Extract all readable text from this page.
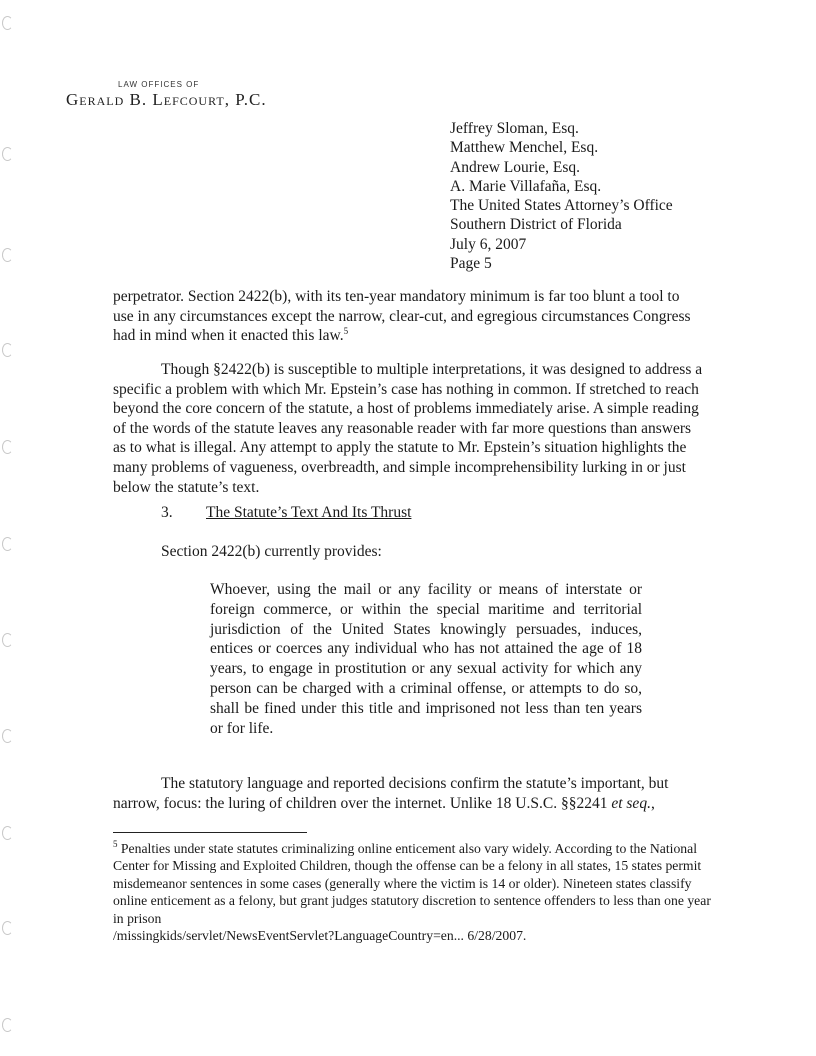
LAW OFFICES OF
Gerald B. Lefcourt, P.C.
Jeffrey Sloman, Esq.
Matthew Menchel, Esq.
Andrew Lourie, Esq.
A. Marie Villafaña, Esq.
The United States Attorney’s Office
Southern District of Florida
July 6, 2007
Page 5
perpetrator. Section 2422(b), with its ten-year mandatory minimum is far too blunt a tool to use in any circumstances except the narrow, clear-cut, and egregious circumstances Congress had in mind when it enacted this law.$^5$
Though §2422(b) is susceptible to multiple interpretations, it was designed to address a specific a problem with which Mr. Epstein’s case has nothing in common. If stretched to reach beyond the core concern of the statute, a host of problems immediately arise. A simple reading of the words of the statute leaves any reasonable reader with far more questions than answers as to what is illegal. Any attempt to apply the statute to Mr. Epstein’s situation highlights the many problems of vagueness, overbreadth, and simple incomprehensibility lurking in or just below the statute’s text.
3. The Statute’s Text And Its Thrust
Section 2422(b) currently provides:
Whoever, using the mail or any facility or means of interstate or foreign commerce, or within the special maritime and territorial jurisdiction of the United States knowingly persuades, induces, entices or coerces any individual who has not attained the age of 18 years, to engage in prostitution or any sexual activity for which any person can be charged with a criminal offense, or attempts to do so, shall be fined under this title and imprisoned not less than ten years or for life.
The statutory language and reported decisions confirm the statute’s important, but narrow, focus: the luring of children over the internet. Unlike 18 U.S.C. §§2241 et seq.,
$^5$ Penalties under state statutes criminalizing online enticement also vary widely. According to the National Center for Missing and Exploited Children, though the offense can be a felony in all states, 15 states permit misdemeanor sentences in some cases (generally where the victim is 14 or older). Nineteen states classify online enticement as a felony, but grant judges statutory discretion to sentence offenders to less than one year in prison
/missingkids/servlet/NewsEventServlet?LanguageCountry=en... 6/28/2007.
